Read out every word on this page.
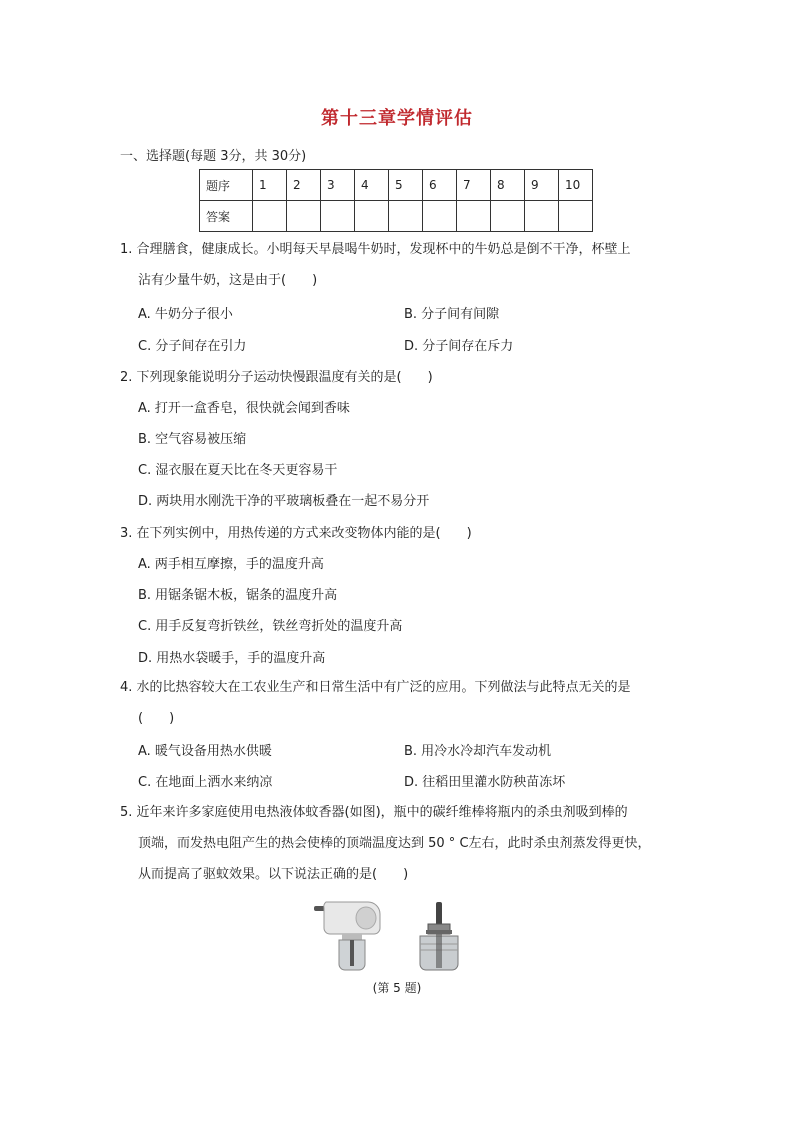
第十三章学情评估
一、选择题(每题 3分，共 30分)
题序	1	2	3	4	5	6	7	8	9	10
答案										
1. 合理膳食，健康成长。小明每天早晨喝牛奶时，发现杯中的牛奶总是倒不干净，杯壁上
沾有少量牛奶，这是由于(　　)
A. 牛奶分子很小	B. 分子间有间隙
C. 分子间存在引力	D. 分子间存在斥力
2. 下列现象能说明分子运动快慢跟温度有关的是(　　)
A. 打开一盒香皂，很快就会闻到香味
B. 空气容易被压缩
C. 湿衣服在夏天比在冬天更容易干
D. 两块用水刚洗干净的平玻璃板叠在一起不易分开
3. 在下列实例中，用热传递的方式来改变物体内能的是(　　)
A. 两手相互摩擦，手的温度升高
B. 用锯条锯木板，锯条的温度升高
C. 用手反复弯折铁丝，铁丝弯折处的温度升高
D. 用热水袋暖手，手的温度升高
4. 水的比热容较大在工农业生产和日常生活中有广泛的应用。下列做法与此特点无关的是
(　　)
A. 暖气设备用热水供暖	B. 用冷水冷却汽车发动机
C. 在地面上洒水来纳凉	D. 往稻田里灌水防秧苗冻坏
5. 近年来许多家庭使用电热液体蚊香器(如图)，瓶中的碳纤维棒将瓶内的杀虫剂吸到棒的
顶端，而发热电阻产生的热会使棒的顶端温度达到 50 ° C左右，此时杀虫剂蒸发得更快，
从而提高了驱蚊效果。以下说法正确的是(　　)
(第 5 题)
